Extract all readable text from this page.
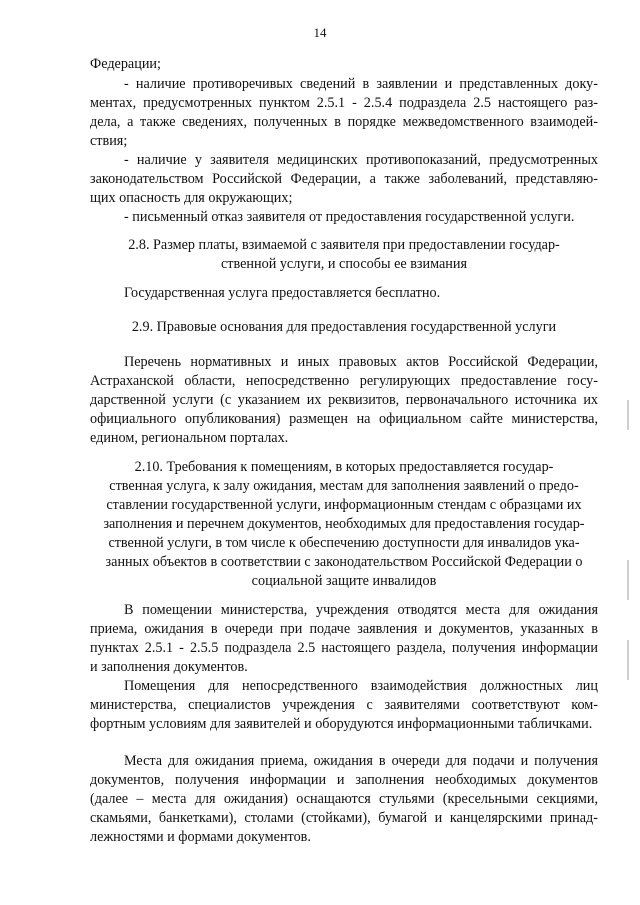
14
Федерации;
- наличие противоречивых сведений в заявлении и представленных доку-
ментах, предусмотренных пунктом 2.5.1 - 2.5.4 подраздела 2.5 настоящего раз-
дела, а также сведениях, полученных в порядке межведомственного взаимодей-
ствия;
- наличие у заявителя медицинских противопоказаний, предусмотренных
законодательством Российской Федерации, а также заболеваний, представляю-
щих опасность для окружающих;
- письменный отказ заявителя от предоставления государственной услуги.
2.8. Размер платы, взимаемой с заявителя при предоставлении государ-
ственной услуги, и способы ее взимания
Государственная услуга предоставляется бесплатно.
2.9. Правовые основания для предоставления государственной услуги
Перечень нормативных и иных правовых актов Российской Федерации,
Астраханской области, непосредственно регулирующих предоставление госу-
дарственной услуги (с указанием их реквизитов, первоначального источника их
официального опубликования) размещен на официальном сайте министерства,
едином, региональном порталах.
2.10. Требования к помещениям, в которых предоставляется государ-
ственная услуга, к залу ожидания, местам для заполнения заявлений о предо-
ставлении государственной услуги, информационным стендам с образцами их
заполнения и перечнем документов, необходимых для предоставления государ-
ственной услуги, в том числе к обеспечению доступности для инвалидов ука-
занных объектов в соответствии с законодательством Российской Федерации о
социальной защите инвалидов
В помещении министерства, учреждения отводятся места для ожидания
приема, ожидания в очереди при подаче заявления и документов, указанных в
пунктах 2.5.1 - 2.5.5 подраздела 2.5 настоящего раздела, получения информации
и заполнения документов.
Помещения для непосредственного взаимодействия должностных лиц
министерства, специалистов учреждения с заявителями соответствуют ком-
фортным условиям для заявителей и оборудуются информационными табличками.
Места для ожидания приема, ожидания в очереди для подачи и получения
документов, получения информации и заполнения необходимых документов
(далее – места для ожидания) оснащаются стульями (кресельными секциями,
скамьями, банкетками), столами (стойками), бумагой и канцелярскими принад-
лежностями и формами документов.
